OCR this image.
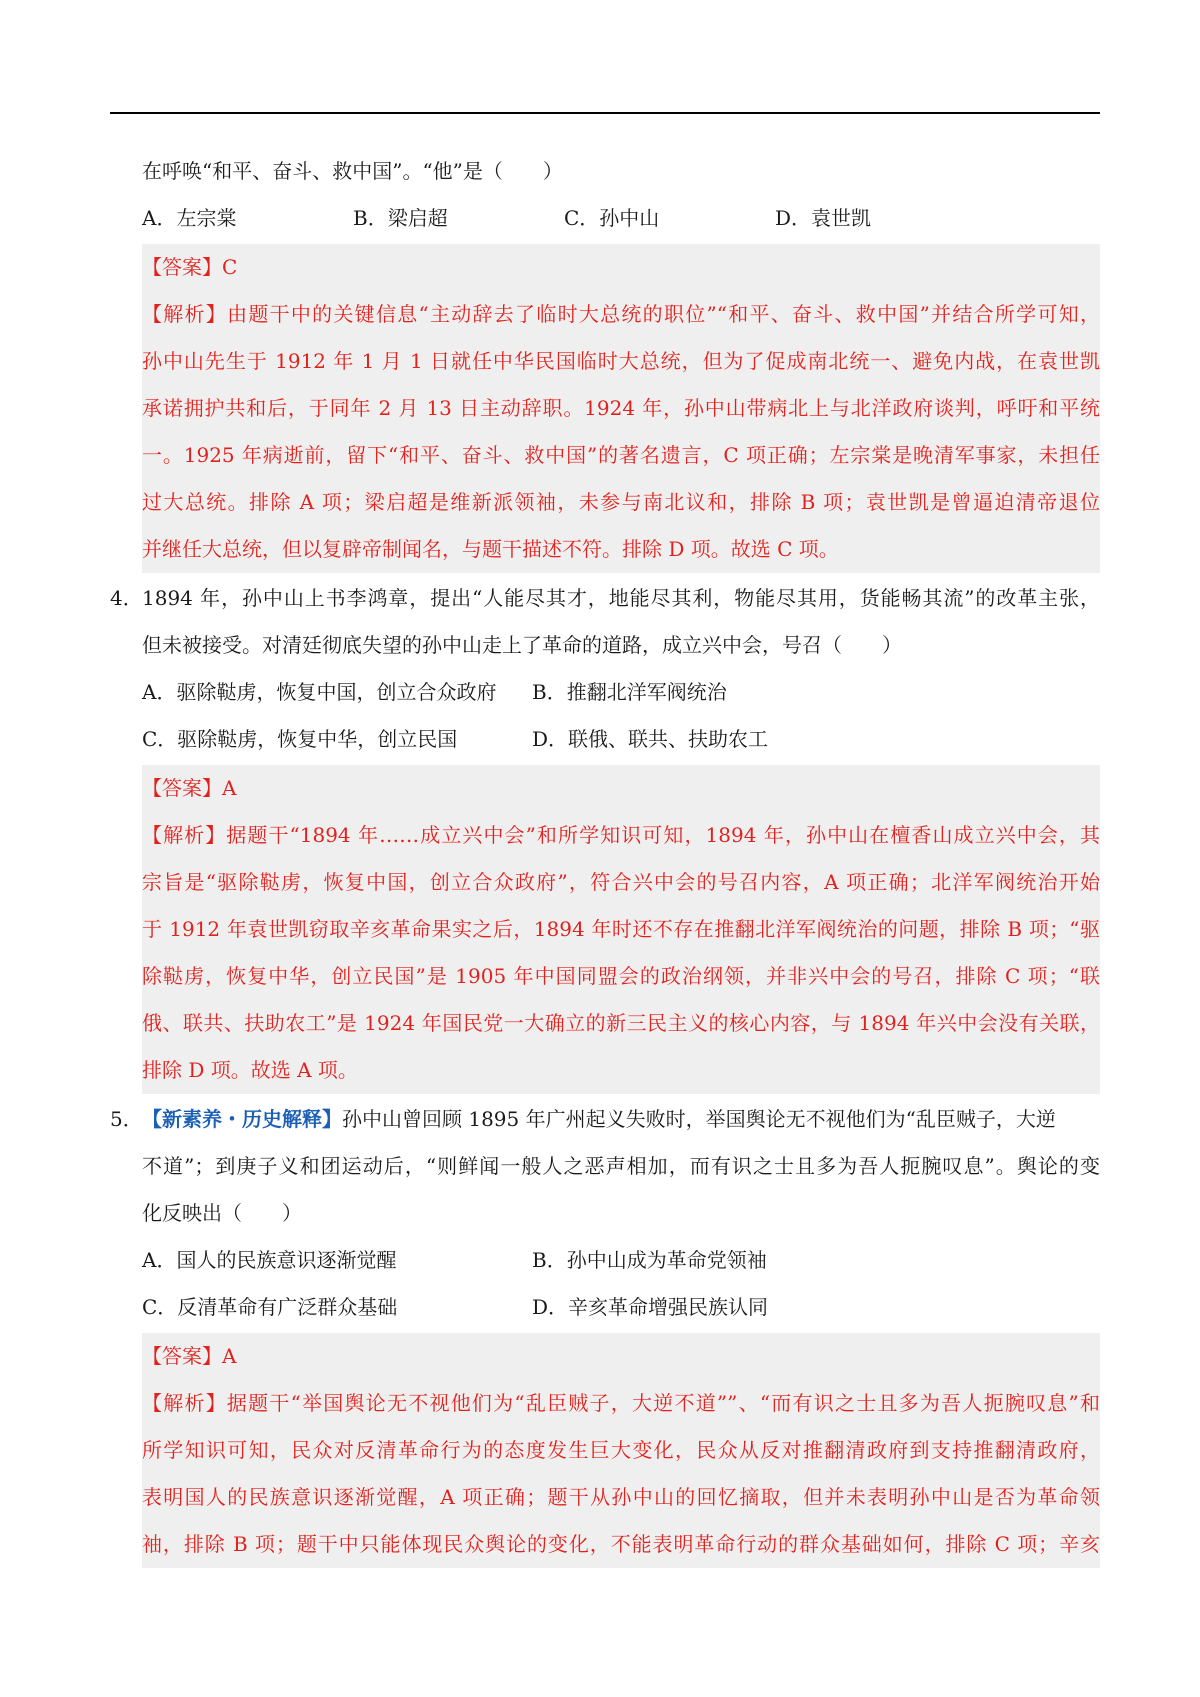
在呼唤“和平、奋斗、救中国”。“他”是（　　）

A．左宗棠	B．梁启超	C．孙中山	D．袁世凯

【答案】C

【解析】由题干中的关键信息“主动辞去了临时大总统的职位”“和平、奋斗、救中国”并结合所学可知，

孙中山先生于 1912 年 1 月 1 日就任中华民国临时大总统，但为了促成南北统一、避免内战，在袁世凯

承诺拥护共和后，于同年 2 月 13 日主动辞职。1924 年，孙中山带病北上与北洋政府谈判，呼吁和平统

一。1925 年病逝前，留下“和平、奋斗、救中国”的著名遗言，C 项正确；左宗棠是晚清军事家，未担任

过大总统。排除 A 项；梁启超是维新派领袖，未参与南北议和，排除 B 项；袁世凯是曾逼迫清帝退位

并继任大总统，但以复辟帝制闻名，与题干描述不符。排除 D 项。故选 C 项。

4． 1894 年，孙中山上书李鸿章，提出“人能尽其才，地能尽其利，物能尽其用，货能畅其流”的改革主张，

但未被接受。对清廷彻底失望的孙中山走上了革命的道路，成立兴中会，号召（　　）

A．驱除鞑虏，恢复中国，创立合众政府	B．推翻北洋军阀统治
C．驱除鞑虏，恢复中华，创立民国	D．联俄、联共、扶助农工

【答案】A

【解析】据题干“1894 年……成立兴中会”和所学知识可知，1894 年，孙中山在檀香山成立兴中会，其

宗旨是“驱除鞑虏，恢复中国，创立合众政府”，符合兴中会的号召内容，A 项正确；北洋军阀统治开始

于 1912 年袁世凯窃取辛亥革命果实之后，1894 年时还不存在推翻北洋军阀统治的问题，排除 B 项；“驱

除鞑虏，恢复中华，创立民国”是 1905 年中国同盟会的政治纲领，并非兴中会的号召，排除 C 项；“联

俄、联共、扶助农工”是 1924 年国民党一大确立的新三民主义的核心内容，与 1894 年兴中会没有关联，

排除 D 项。故选 A 项。

5． 【新素养・历史解释】孙中山曾回顾 1895 年广州起义失败时，举国舆论无不视他们为“乱臣贼子，大逆

不道”；到庚子义和团运动后，“则鲜闻一般人之恶声相加，而有识之士且多为吾人扼腕叹息”。舆论的变

化反映出（　　）

A．国人的民族意识逐渐觉醒	B．孙中山成为革命党领袖
C．反清革命有广泛群众基础	D．辛亥革命增强民族认同

【答案】A

【解析】据题干“举国舆论无不视他们为“乱臣贼子，大逆不道””、“而有识之士且多为吾人扼腕叹息”和

所学知识可知，民众对反清革命行为的态度发生巨大变化，民众从反对推翻清政府到支持推翻清政府，

表明国人的民族意识逐渐觉醒，A 项正确；题干从孙中山的回忆摘取，但并未表明孙中山是否为革命领

袖，排除 B 项；题干中只能体现民众舆论的变化，不能表明革命行动的群众基础如何，排除 C 项；辛亥
